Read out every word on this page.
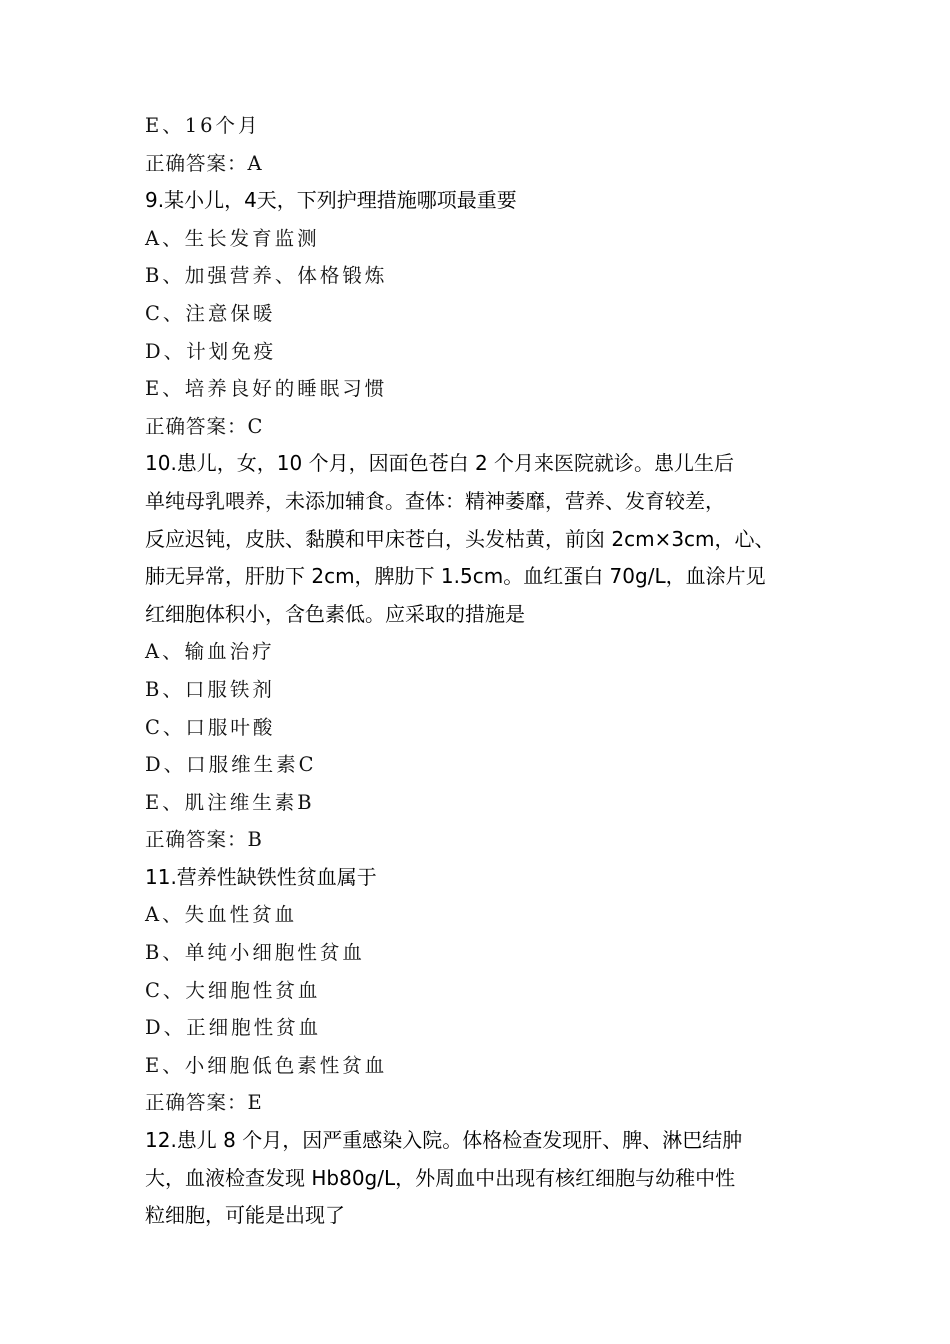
E、16个月
正确答案：A
9.某小儿，4天，下列护理措施哪项最重要
A、生长发育监测
B、加强营养、体格锻炼
C、注意保暖
D、计划免疫
E、培养良好的睡眠习惯
正确答案：C
10.患儿，女，10 个月，因面色苍白 2 个月来医院就诊。患儿生后
单纯母乳喂养，未添加辅食。查体：精神萎靡，营养、发育较差，
反应迟钝，皮肤、黏膜和甲床苍白，头发枯黄，前囟 2cm×3cm，心、
肺无异常，肝肋下 2cm，脾肋下 1.5cm。血红蛋白 70g/L，血涂片见
红细胞体积小，含色素低。应采取的措施是
A、输血治疗
B、口服铁剂
C、口服叶酸
D、口服维生素C
E、肌注维生素B
正确答案：B
11.营养性缺铁性贫血属于
A、失血性贫血
B、单纯小细胞性贫血
C、大细胞性贫血
D、正细胞性贫血
E、小细胞低色素性贫血
正确答案：E
12.患儿 8 个月，因严重感染入院。体格检查发现肝、脾、淋巴结肿
大，血液检查发现 Hb80g/L，外周血中出现有核红细胞与幼稚中性
粒细胞，可能是出现了
